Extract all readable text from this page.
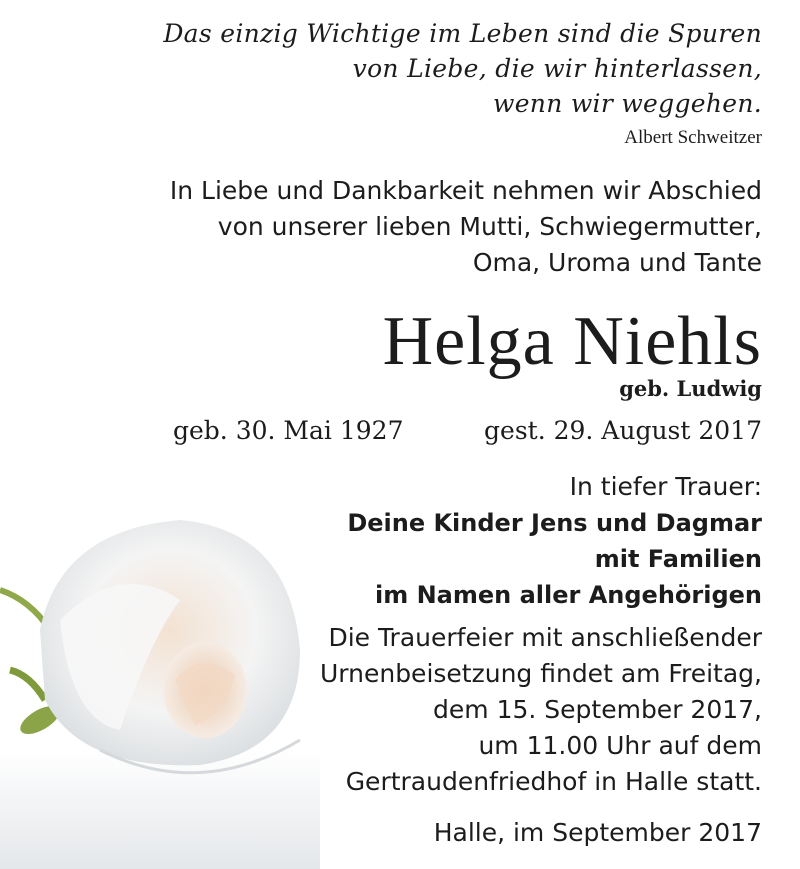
Das einzig Wichtige im Leben sind die Spuren
von Liebe, die wir hinterlassen,
wenn wir weggehen.
Albert Schweitzer
In Liebe und Dankbarkeit nehmen wir Abschied
von unserer lieben Mutti, Schwiegermutter,
Oma, Uroma und Tante
Helga Niehls
geb. Ludwig
geb. 30. Mai 1927	gest. 29. August 2017
In tiefer Trauer:
Deine Kinder Jens und Dagmar
mit Familien
im Namen aller Angehörigen
Die Trauerfeier mit anschließender
Urnenbeisetzung findet am Freitag,
dem 15. September 2017,
um 11.00 Uhr auf dem
Gertraudenfriedhof in Halle statt.
Halle, im September 2017
